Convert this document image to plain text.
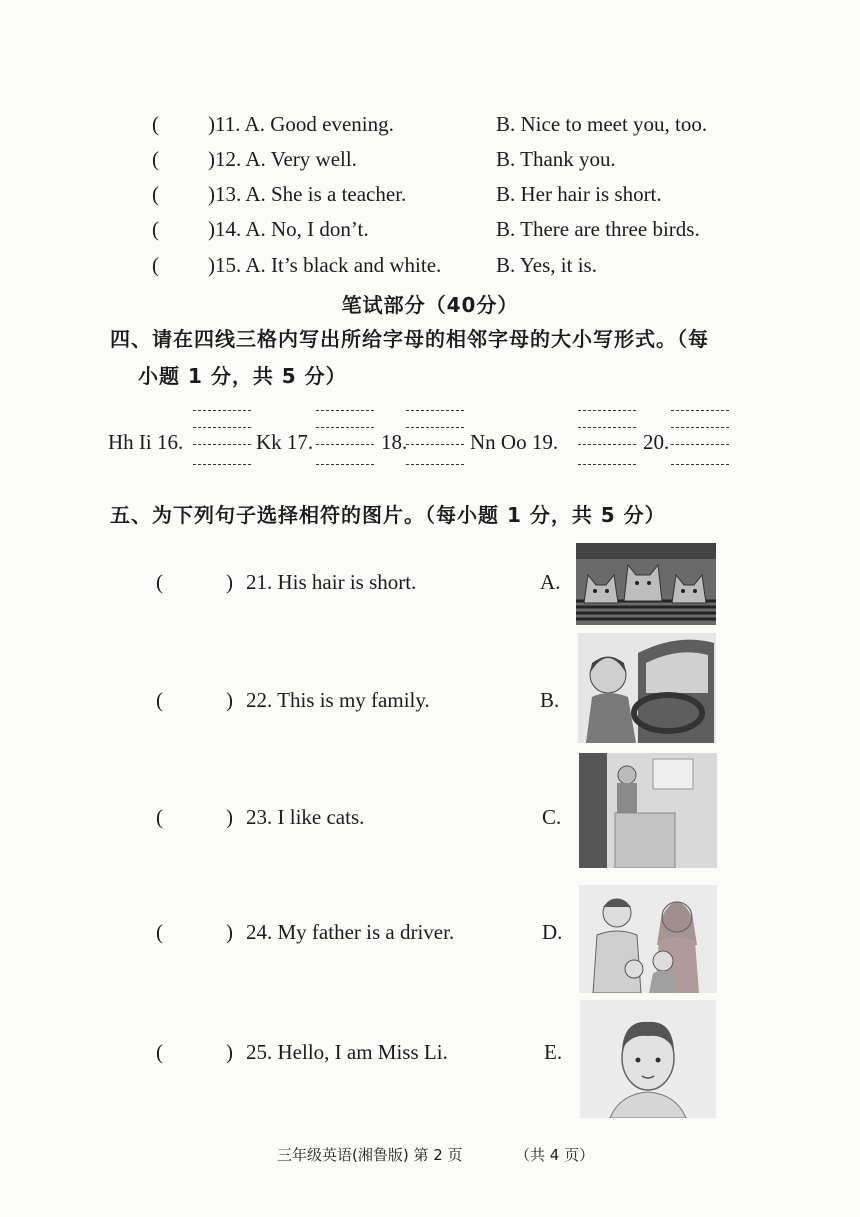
( )11. A. Good evening.	B. Nice to meet you, too.
( )12. A. Very well.	B. Thank you.
( )13. A. She is a teacher.	B. Her hair is short.
( )14. A. No, I don’t.	B. There are three birds.
( )15. A. It’s black and white.	B. Yes, it is.
笔试部分（40分）
四、请在四线三格内写出所给字母的相邻字母的大小写形式。（每
小题 1 分，共 5 分）
Hh Ii 16.	Kk 17.	18.	Nn Oo 19.	20.
五、为下列句子选择相符的图片。（每小题 1 分，共 5 分）
(	) 21. His hair is short.	A.
(	) 22. This is my family.	B.
(	) 23. I like cats.	C.
(	) 24. My father is a driver.	D.
(	) 25. Hello, I am Miss Li.	E.
三年级英语(湘鲁版) 第 2 页	（共 4 页）
